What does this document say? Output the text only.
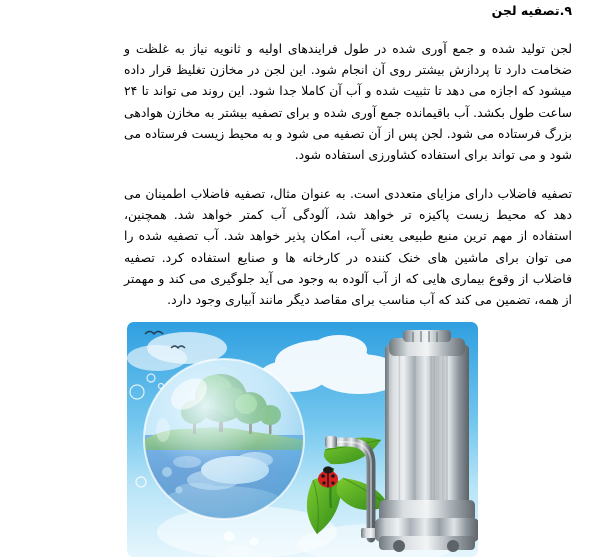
۹.تصفیه لجن
لجن تولید شده و جمع آوری شده در طول فرایندهای اولیه و ثانویه نیاز به غلظت و ضخامت دارد تا پردازش بیشتر روی آن انجام شود. این لجن در مخازن تغلیظ قرار داده میشود که اجازه می دهد تا تثبیت شده و آب آن کاملا جدا شود. این روند می تواند تا ۲۴ ساعت طول بکشد. آب باقیمانده جمع آوری شده و برای تصفیه بیشتر به مخازن هوادهی بزرگ فرستاده می شود. لجن پس از آن تصفیه می شود و به محیط زیست فرستاده می شود و می تواند برای استفاده کشاورزی استفاده شود.
تصفیه فاضلاب دارای مزایای متعددی است. به عنوان مثال، تصفیه فاضلاب اطمینان می دهد که محیط زیست پاکیزه تر خواهد شد، آلودگی آب کمتر خواهد شد. همچنین، استفاده از مهم ترین منبع طبیعی یعنی آب، امکان پذیر خواهد شد. آب تصفیه شده را می توان برای ماشین های خنک کننده در کارخانه ها و صنایع استفاده کرد. تصفیه فاضلاب از وقوع بیماری هایی که از آب آلوده به وجود می آید جلوگیری می کند و مهمتر از همه، تضمین می کند که آب مناسب برای مقاصد دیگر مانند آبیاری وجود دارد.
